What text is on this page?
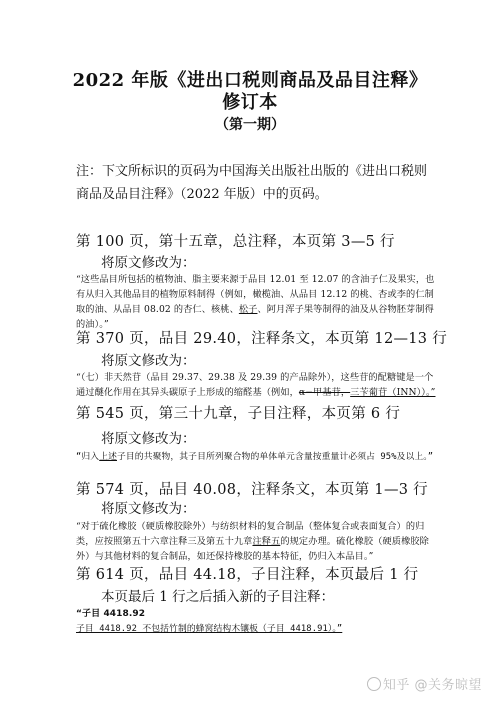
2022 年版《进出口税则商品及品目注释》
修订本
（第一期）
注：下文所标识的页码为中国海关出版社出版的《进出口税则商品及品目注释》（2022 年版）中的页码。
第 100 页，第十五章，总注释，本页第 3—5 行
将原文修改为：
“这些品目所包括的植物油、脂主要来源于品目 12.01 至 12.07 的含油子仁及果实，也有从归入其他品目的植物原料制得（例如，橄榄油、从品目 12.12 的桃、杏或李的仁制取的油、从品目 08.02 的杏仁、核桃、松子、阿月浑子果等制得的油及从谷物胚芽制得的油）。”
第 370 页，品目 29.40，注释条文，本页第 12—13 行
将原文修改为：
“（七）非天然苷（品目 29.37、29.38 及 29.39 的产品除外），这些苷的配糖键是一个通过醚化作用在其异头碳原子上形成的缩醛基（例如，α−甲基苷，三苄葡苷（INN））。”
第 545 页，第三十九章，子目注释，本页第 6 行
将原文修改为：
“归入上述子目的共聚物，其子目所列聚合物的单体单元含量按重量计必须占 95%及以上。”
第 574 页，品目 40.08，注释条文，本页第 1—3 行
将原文修改为：
“对于硫化橡胶（硬质橡胶除外）与纺织材料的复合制品（整体复合或表面复合）的归类，应按照第五十六章注释三及第五十九章注释五的规定办理。硫化橡胶（硬质橡胶除外）与其他材料的复合制品，如还保持橡胶的基本特征，仍归入本品目。”
第 614 页，品目 44.18，子目注释，本页最后 1 行
本页最后 1 行之后插入新的子目注释：
“子目 4418.92
子目 4418.92 不包括竹制的蜂窝结构木镶板（子目 4418.91）。”
知乎 @关务晾望
